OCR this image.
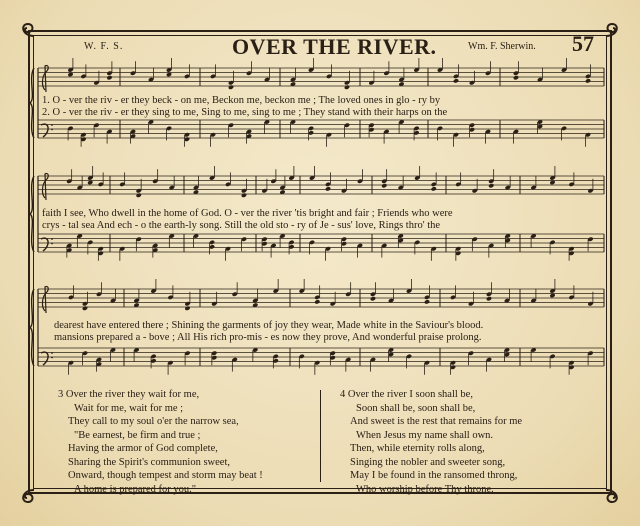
W. F. S.	OVER THE RIVER.	Wm. F. Sherwin. 57
1. O - ver the riv - er they beck - on me, Beckon me, beckon me ; The loved ones in glo - ry by
2. O - ver the riv - er they sing to me, Sing to me, sing to me ; They stand with their harps on the
faith I see, Who dwell in the home of God. O - ver the river 'tis bright and fair ; Friends who were
crys - tal sea And ech - o the earth-ly song. Still the old sto - ry of Je - sus' love, Rings thro' the
dearest have entered there ; Shining the garments of joy they wear, Made white in the Saviour's blood.
mansions prepared a - bove ; All His rich pro-mis - es now they prove, And wonderful praise prolong.
3 Over the river they wait for me,
Wait for me, wait for me ;
They call to my soul o'er the narrow sea,
"Be earnest, be firm and true ;
Having the armor of God complete,
Sharing the Spirit's communion sweet,
Onward, though tempest and storm may beat !
A home is prepared for you."
4 Over the river I soon shall be,
Soon shall be, soon shall be,
And sweet is the rest that remains for me
When Jesus my name shall own.
Then, while eternity rolls along,
Singing the nobler and sweeter song,
May I be found in the ransomed throng,
Who worship before Thy throne.
